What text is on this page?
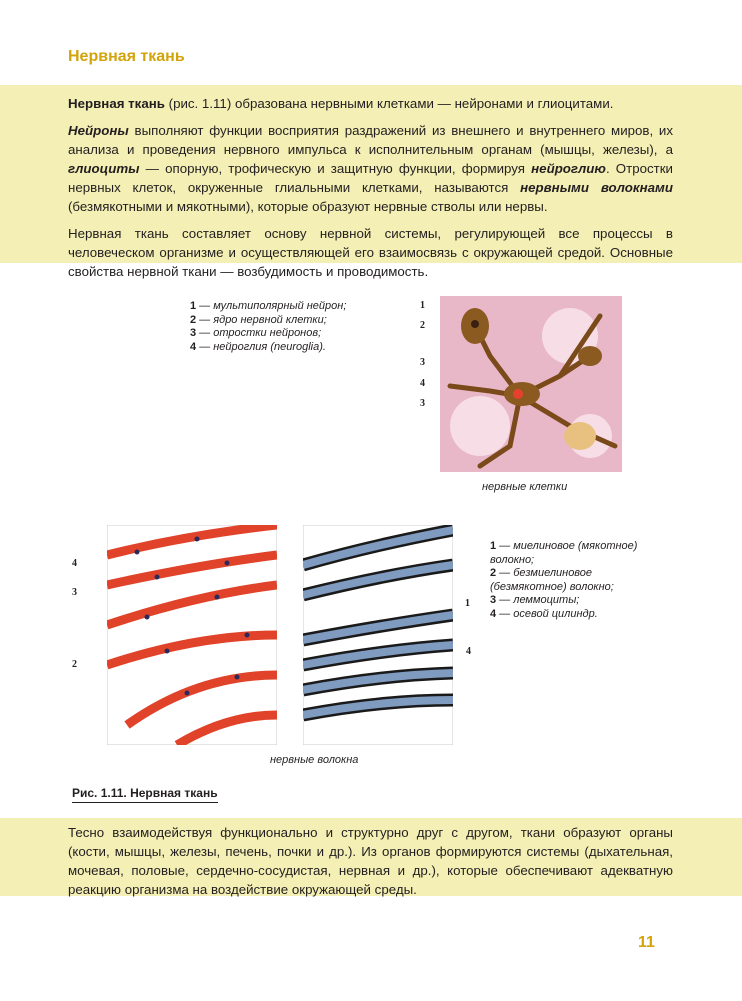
Нервная ткань

Нервная ткань (рис. 1.11) образована нервными клетками — нейронами и глиоцитами.

Нейроны выполняют функции восприятия раздражений из внешнего и внутреннего миров, их анализа и проведения нервного импульса к исполнительным органам (мышцы, железы), а глиоциты — опорную, трофическую и защитную функции, формируя нейроглию. Отростки нервных клеток, окруженные глиальными клетками, называются нервными волокнами (безмякотными и мякотными), которые образуют нервные стволы или нервы.

Нервная ткань составляет основу нервной системы, регулирующей все процессы в человеческом организме и осуществляющей его взаимосвязь с окружающей средой. Основные свойства нервной ткани — возбудимость и проводимость.

1 — мультиполярный нейрон;
2 — ядро нервной клетки;
3 — отростки нейронов;
4 — нейроглия (neuroglia).
1
2
3
4
3
нервные клетки
4
3
2
1
4
нервные волокна
1 — миелиновое (мякотное) волокно;
2 — безмиелиновое (безмякотное) волокно;
3 — леммоциты;
4 — осевой цилиндр.
Рис. 1.11. Нервная ткань

Тесно взаимодействуя функционально и структурно друг с другом, ткани образуют органы (кости, мышцы, железы, печень, почки и др.). Из органов формируются системы (дыхательная, мочевая, половые, сердечно-сосудистая, нервная и др.), которые обеспечивают адекватную реакцию организма на воздействие окружающей среды.

11
